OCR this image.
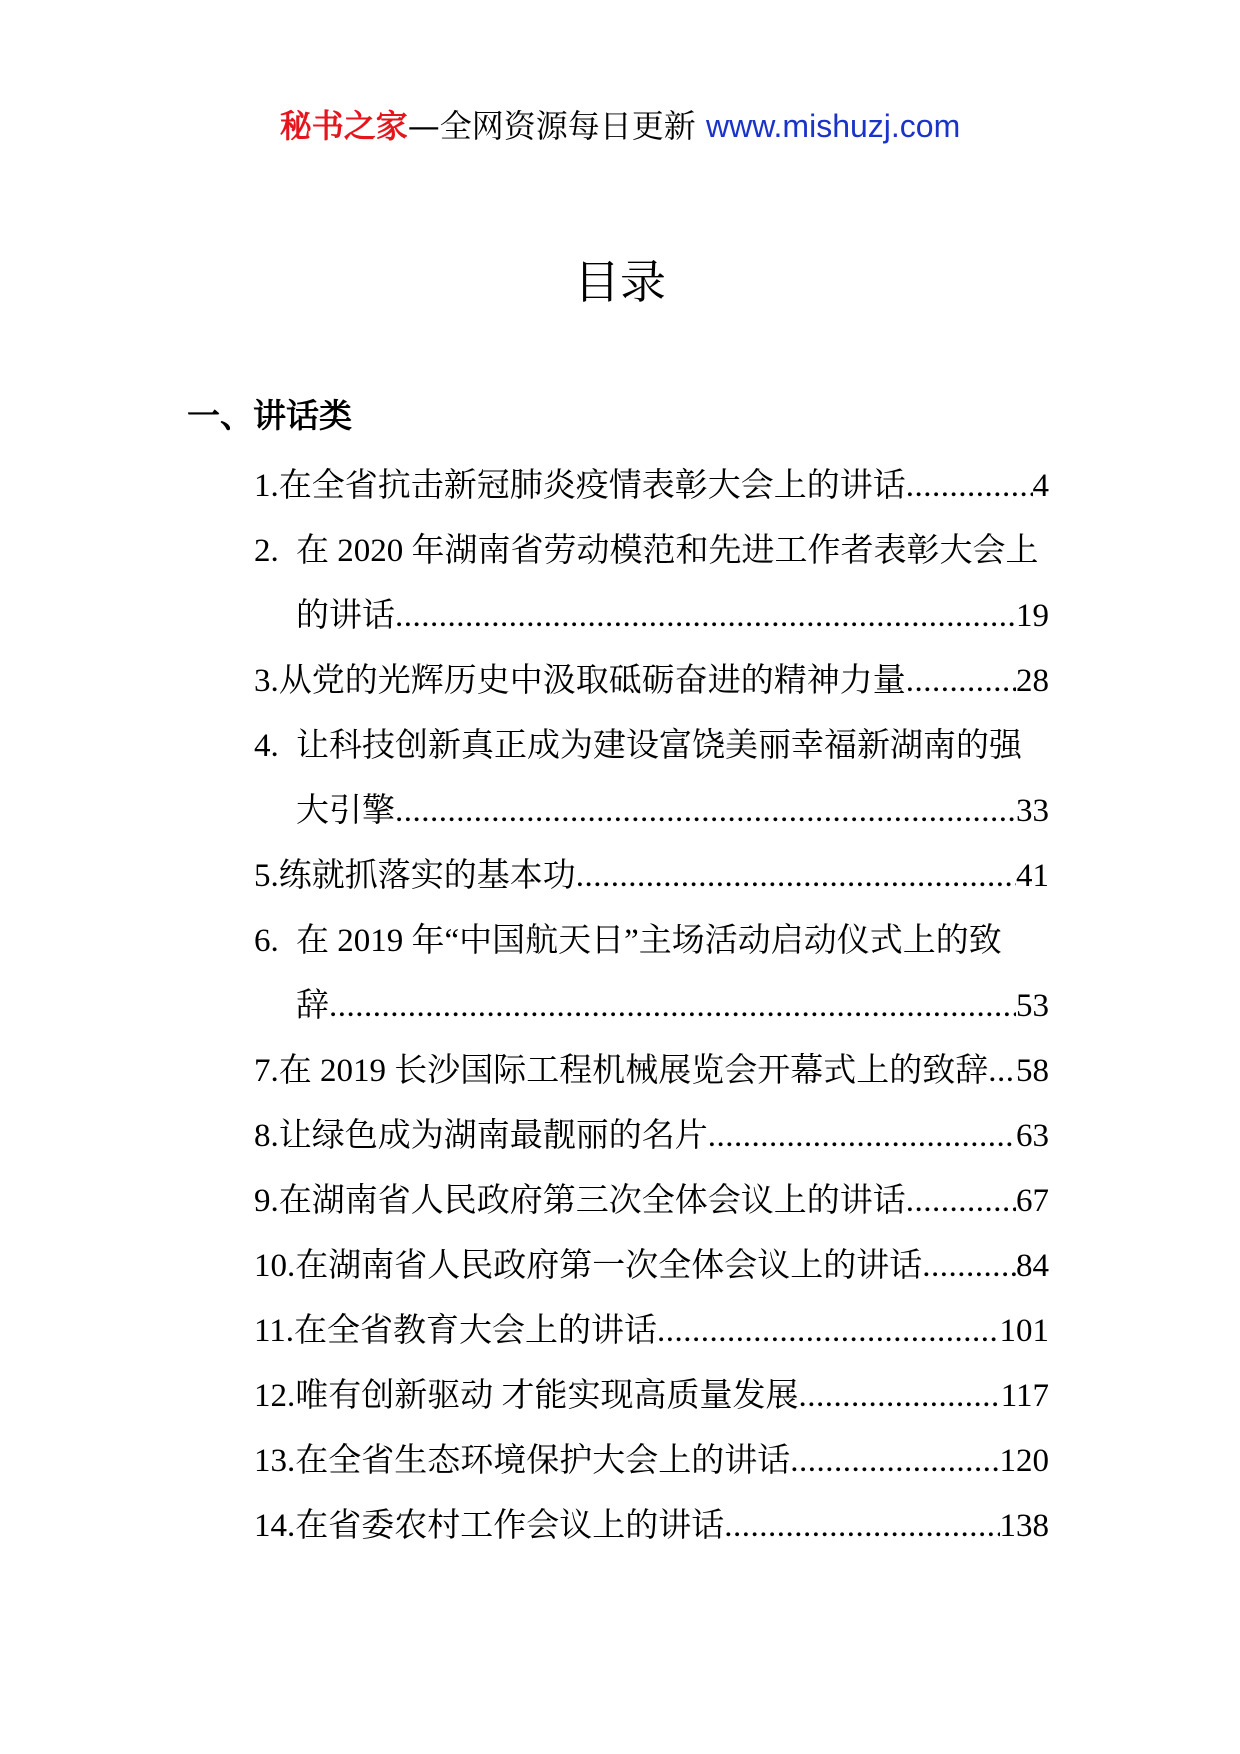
秘书之家—全网资源每日更新 www.mishuzj.com
目录
一、讲话类
1. 在全省抗击新冠肺炎疫情表彰大会上的讲话 .....	4
2. 在 2020 年湖南省劳动模范和先进工作者表彰大会上
的讲话 .....	19
3. 从党的光辉历史中汲取砥砺奋进的精神力量 .....	28
4. 让科技创新真正成为建设富饶美丽幸福新湖南的强
大引擎 .....	33
5. 练就抓落实的基本功 .....	41
6. 在 2019 年“中国航天日”主场活动启动仪式上的致
辞 .....	53
7. 在 2019 长沙国际工程机械展览会开幕式上的致辞 ..... 58
8. 让绿色成为湖南最靓丽的名片 .....	63
9. 在湖南省人民政府第三次全体会议上的讲话 .....	67
10. 在湖南省人民政府第一次全体会议上的讲话 .....	84
11. 在全省教育大会上的讲话 .....	101
12. 唯有创新驱动 才能实现高质量发展 .....	117
13. 在全省生态环境保护大会上的讲话 .....	120
14. 在省委农村工作会议上的讲话 .....	138
